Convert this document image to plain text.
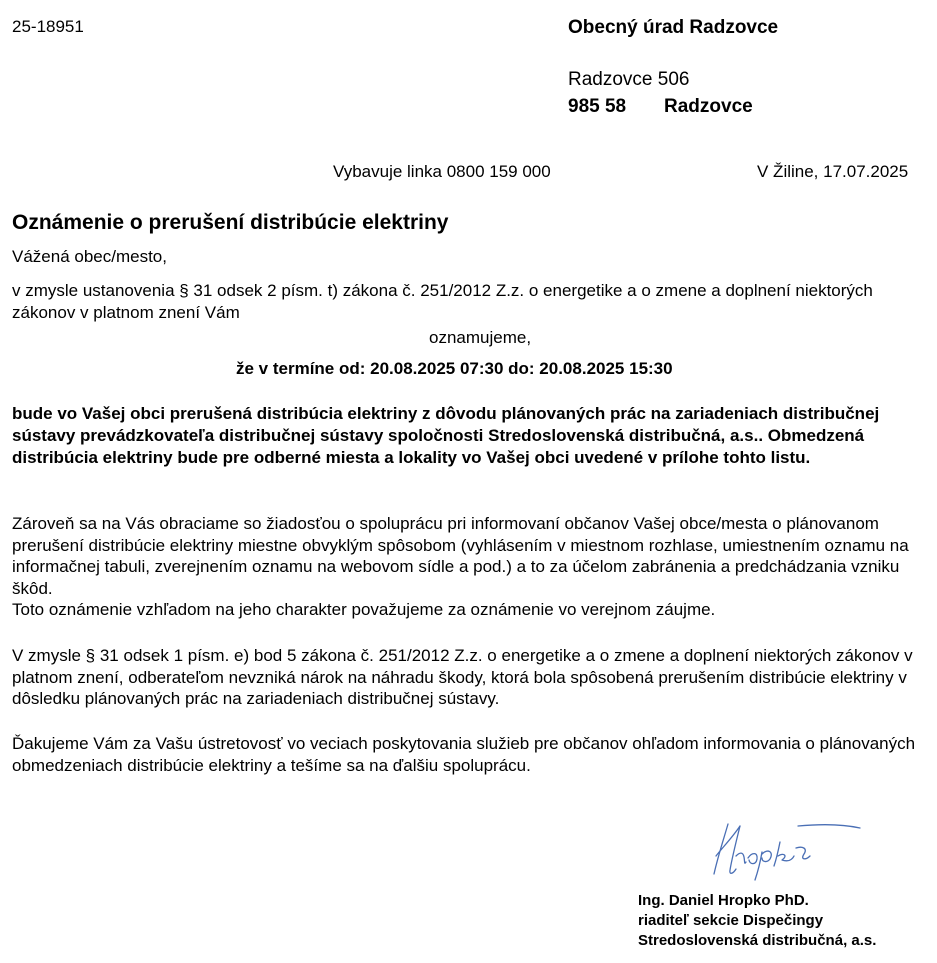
25-18951	Obecný úrad Radzovce
Radzovce 506
985 58 Radzovce
Vybavuje linka 0800 159 000	V Žiline, 17.07.2025
Oznámenie o prerušení distribúcie elektriny
Vážená obec/mesto,
v zmysle ustanovenia § 31 odsek 2 písm. t) zákona č. 251/2012 Z.z. o energetike a o zmene a doplnení niektorých zákonov v platnom znení Vám
oznamujeme,
že v termíne od: 20.08.2025 07:30 do: 20.08.2025 15:30
bude vo Vašej obci prerušená distribúcia elektriny z dôvodu plánovaných prác na zariadeniach distribučnej sústavy prevádzkovateľa distribučnej sústavy spoločnosti Stredoslovenská distribučná, a.s.. Obmedzená distribúcia elektriny bude pre odberné miesta a lokality vo Vašej obci uvedené v prílohe tohto listu.
Zároveň sa na Vás obraciame so žiadosťou o spoluprácu pri informovaní občanov Vašej obce/mesta o plánovanom prerušení distribúcie elektriny miestne obvyklým spôsobom (vyhlásením v miestnom rozhlase, umiestnením oznamu na informačnej tabuli, zverejnením oznamu na webovom sídle a pod.) a to za účelom zabránenia a predchádzania vzniku škôd.
Toto oznámenie vzhľadom na jeho charakter považujeme za oznámenie vo verejnom záujme.
V zmysle § 31 odsek 1 písm. e) bod 5 zákona č. 251/2012 Z.z. o energetike a o zmene a doplnení niektorých zákonov v platnom znení, odberateľom nevzniká nárok na náhradu škody, ktorá bola spôsobená prerušením distribúcie elektriny v dôsledku plánovaných prác na zariadeniach distribučnej sústavy.
Ďakujeme Vám za Vašu ústretovosť vo veciach poskytovania služieb pre občanov ohľadom informovania o plánovaných obmedzeniach distribúcie elektriny a tešíme sa na ďalšiu spoluprácu.
Ing. Daniel Hropko PhD.
riaditeľ sekcie Dispečingy
Stredoslovenská distribučná, a.s.
